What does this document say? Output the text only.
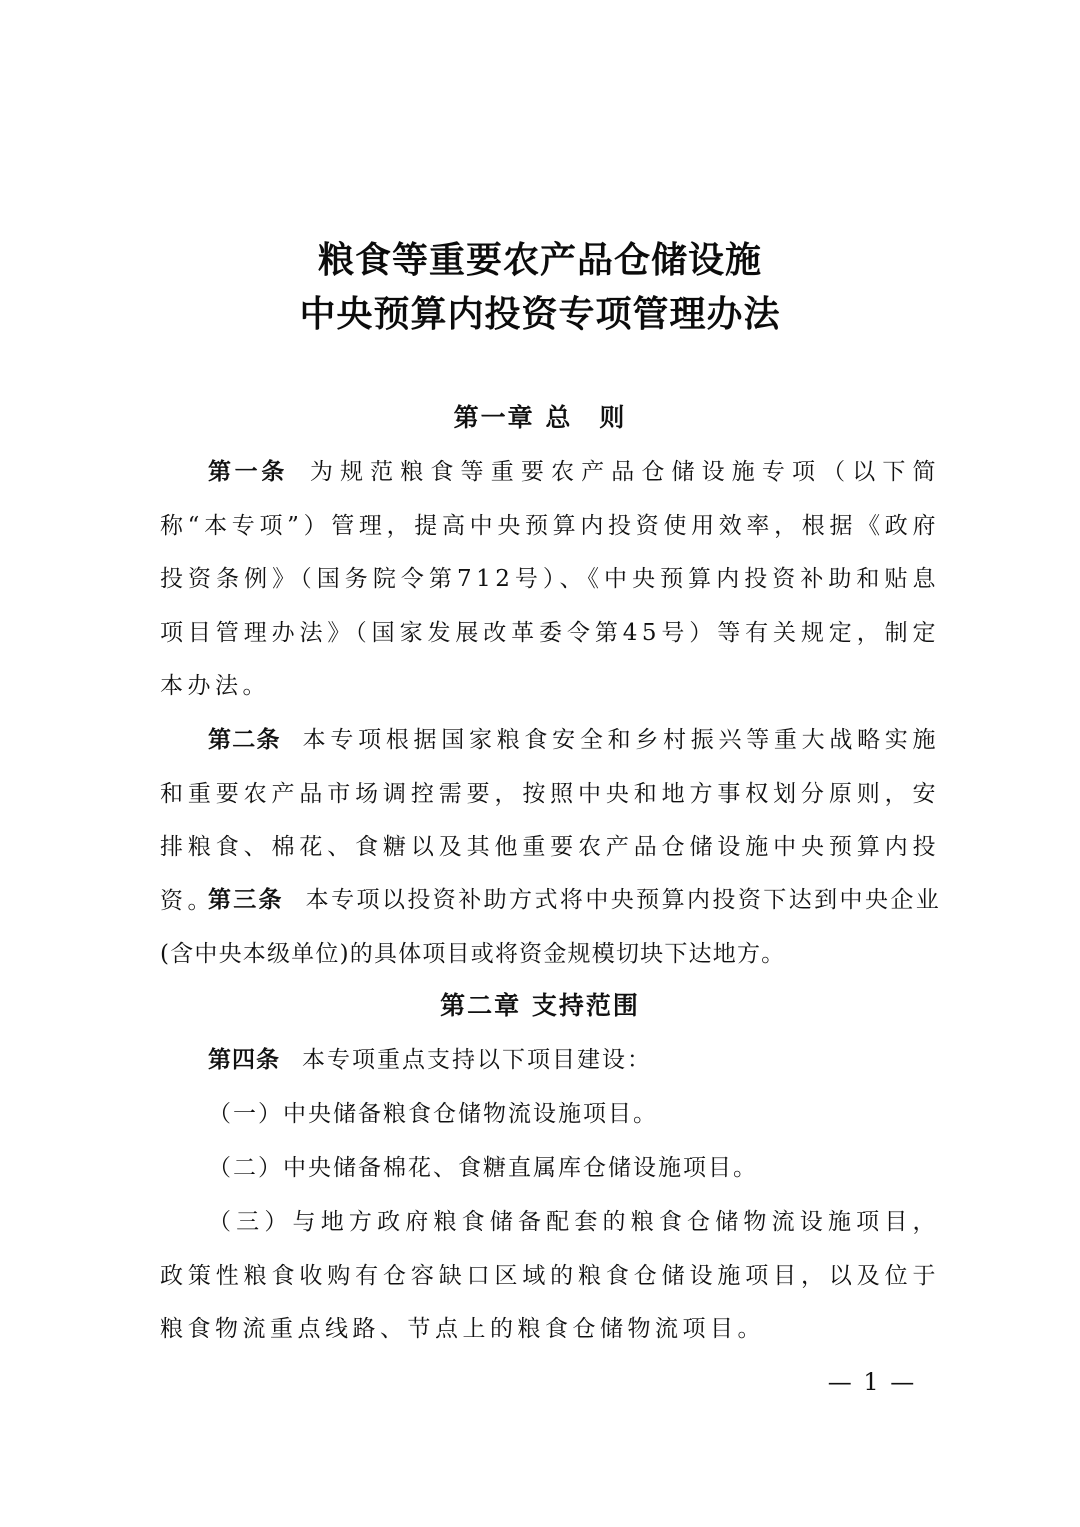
粮食等重要农产品仓储设施
中央预算内投资专项管理办法
第一章 总　则
第一条 为规范粮食等重要农产品仓储设施专项（以下简称“本专项”）管理，提高中央预算内投资使用效率，根据《政府投资条例》（国务院令第712号）、《中央预算内投资补助和贴息项目管理办法》（国家发展改革委令第45号）等有关规定，制定本办法。
第二条 本专项根据国家粮食安全和乡村振兴等重大战略实施和重要农产品市场调控需要，按照中央和地方事权划分原则，安排粮食、棉花、食糖以及其他重要农产品仓储设施中央预算内投资。
第三条 本专项以投资补助方式将中央预算内投资下达到中央企业(含中央本级单位)的具体项目或将资金规模切块下达地方。
第二章 支持范围
第四条 本专项重点支持以下项目建设：
（一）中央储备粮食仓储物流设施项目。
（二）中央储备棉花、食糖直属库仓储设施项目。
（三）与地方政府粮食储备配套的粮食仓储物流设施项目，政策性粮食收购有仓容缺口区域的粮食仓储设施项目，以及位于粮食物流重点线路、节点上的粮食仓储物流项目。
— 1 —
